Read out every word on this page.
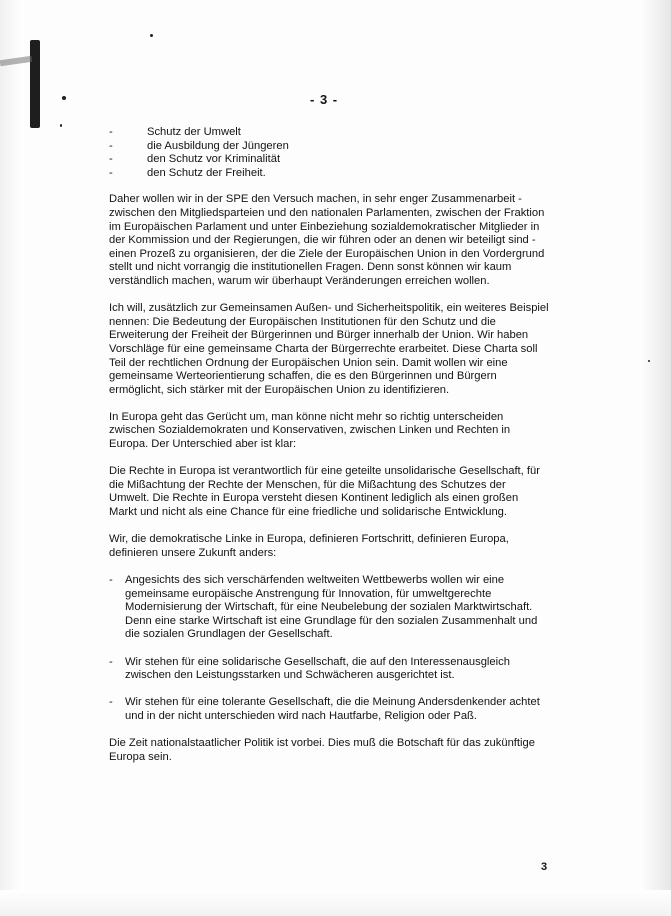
- 3 -
-	Schutz der Umwelt
-	die Ausbildung der Jüngeren
-	den Schutz vor Kriminalität
-	den Schutz der Freiheit.

Daher wollen wir in der SPE den Versuch machen, in sehr enger Zusammenarbeit - zwischen den Mitgliedsparteien und den nationalen Parlamenten, zwischen der Fraktion im Europäischen Parlament und unter Einbeziehung sozialdemokratischer Mitglieder in der Kommission und der Regierungen, die wir führen oder an denen wir beteiligt sind - einen Prozeß zu organisieren, der die Ziele der Europäischen Union in den Vordergrund stellt und nicht vorrangig die institutionellen Fragen. Denn sonst können wir kaum verständlich machen, warum wir überhaupt Veränderungen erreichen wollen.

Ich will, zusätzlich zur Gemeinsamen Außen- und Sicherheitspolitik, ein weiteres Beispiel nennen: Die Bedeutung der Europäischen Institutionen für den Schutz und die Erweiterung der Freiheit der Bürgerinnen und Bürger innerhalb der Union. Wir haben Vorschläge für eine gemeinsame Charta der Bürgerrechte erarbeitet. Diese Charta soll Teil der rechtlichen Ordnung der Europäischen Union sein. Damit wollen wir eine gemeinsame Werteorientierung schaffen, die es den Bürgerinnen und Bürgern ermöglicht, sich stärker mit der Europäischen Union zu identifizieren.

In Europa geht das Gerücht um, man könne nicht mehr so richtig unterscheiden zwischen Sozialdemokraten und Konservativen, zwischen Linken und Rechten in Europa. Der Unterschied aber ist klar:

Die Rechte in Europa ist verantwortlich für eine geteilte unsolidarische Gesellschaft, für die Mißachtung der Rechte der Menschen, für die Mißachtung des Schutzes der Umwelt. Die Rechte in Europa versteht diesen Kontinent lediglich als einen großen Markt und nicht als eine Chance für eine friedliche und solidarische Entwicklung.

Wir, die demokratische Linke in Europa, definieren Fortschritt, definieren Europa, definieren unsere Zukunft anders:

- Angesichts des sich verschärfenden weltweiten Wettbewerbs wollen wir eine gemeinsame europäische Anstrengung für Innovation, für umweltgerechte Modernisierung der Wirtschaft, für eine Neubelebung der sozialen Marktwirtschaft. Denn eine starke Wirtschaft ist eine Grundlage für den sozialen Zusammenhalt und die sozialen Grundlagen der Gesellschaft.
- Wir stehen für eine solidarische Gesellschaft, die auf den Interessenausgleich zwischen den Leistungsstarken und Schwächeren ausgerichtet ist.
- Wir stehen für eine tolerante Gesellschaft, die die Meinung Andersdenkender achtet und in der nicht unterschieden wird nach Hautfarbe, Religion oder Paß.

Die Zeit nationalstaatlicher Politik ist vorbei. Dies muß die Botschaft für das zukünftige Europa sein.

3
